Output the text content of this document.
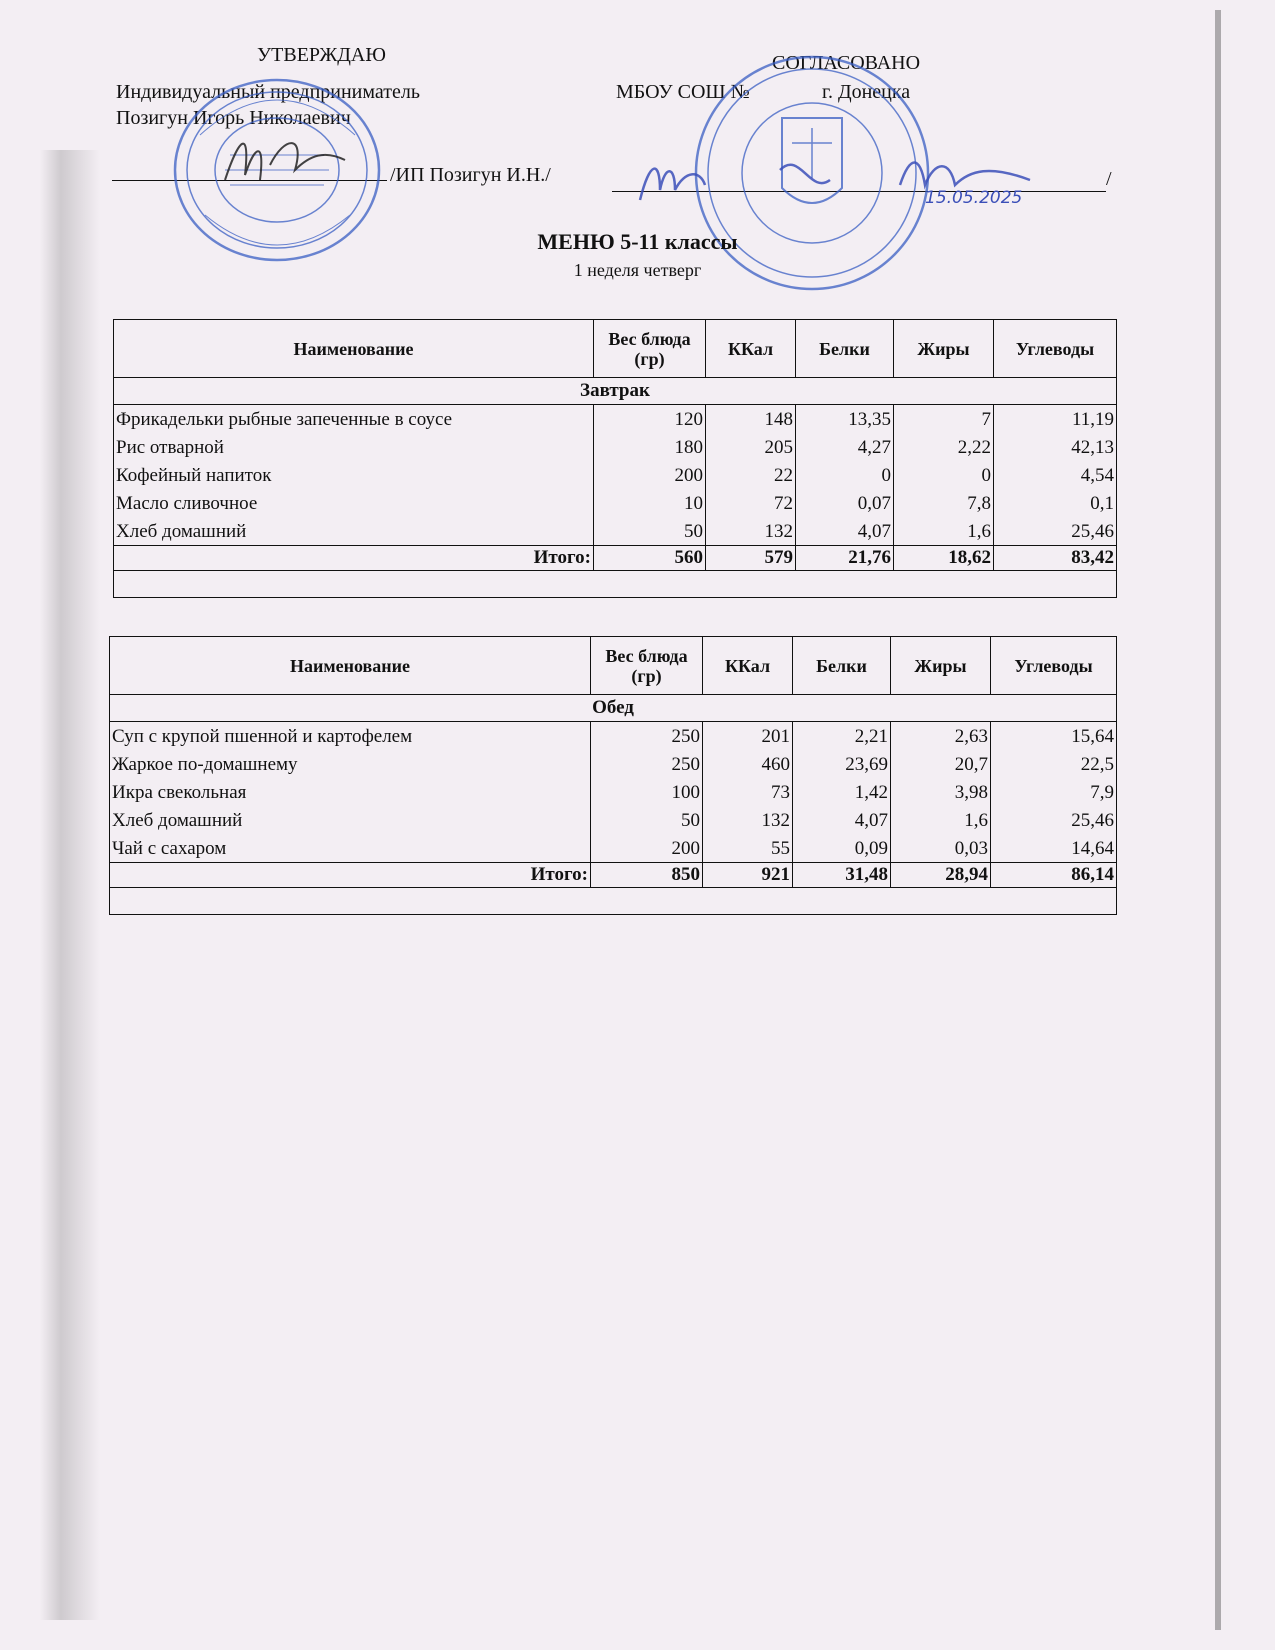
УТВЕРЖДАЮ
Индивидуальный предприниматель
Позигун Игорь Николаевич
/ИП Позигун И.Н./
СОГЛАСОВАНО
МБОУ СОШ №	г. Донецка
/
15.05.2025
МЕНЮ 5-11 классы
1 неделя четверг
Наименование	Вес блюда (гр)	ККал	Белки	Жиры	Углеводы
Завтрак					
Фрикадельки рыбные запеченные в соусе	120	148	13,35	7	11,19
Рис отварной	180	205	4,27	2,22	42,13
Кофейный напиток	200	22	0	0	4,54
Масло сливочное	10	72	0,07	7,8	0,1
Хлеб домашний	50	132	4,07	1,6	25,46
Итого:	560	579	21,76	18,62	83,42

Наименование	Вес блюда (гр)	ККал	Белки	Жиры	Углеводы
Обед					
Суп с крупой пшенной и картофелем	250	201	2,21	2,63	15,64
Жаркое по-домашнему	250	460	23,69	20,7	22,5
Икра свекольная	100	73	1,42	3,98	7,9
Хлеб домашний	50	132	4,07	1,6	25,46
Чай с сахаром	200	55	0,09	0,03	14,64
Итого:	850	921	31,48	28,94	86,14
